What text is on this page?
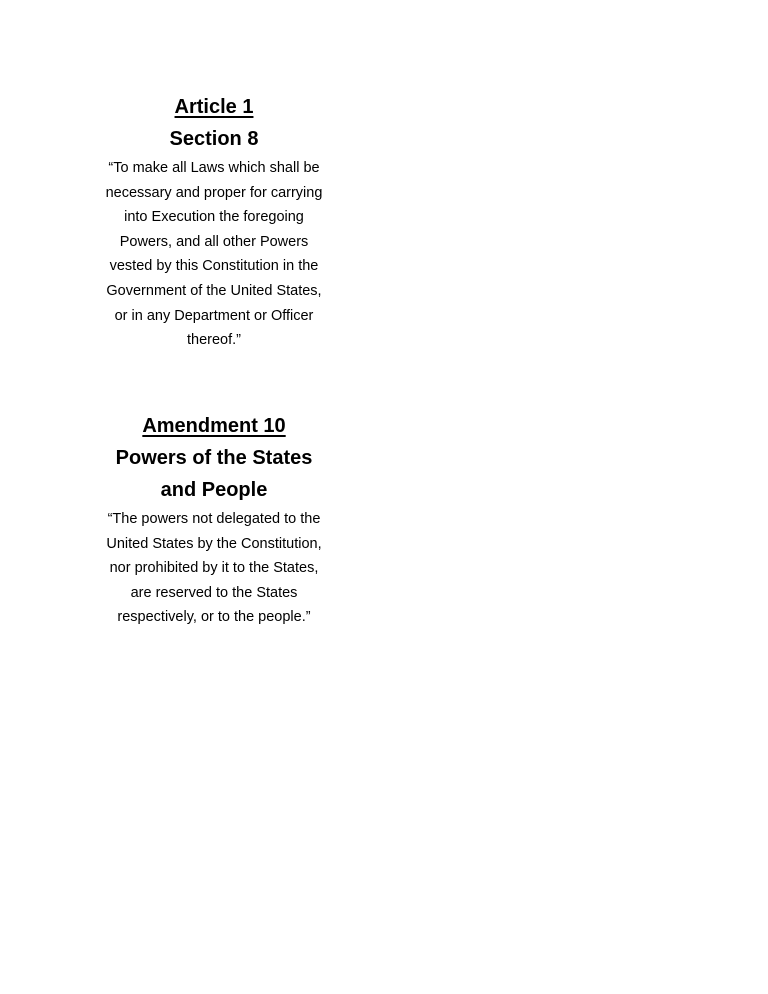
Article 1

Section 8

“To make all Laws which shall be

necessary and proper for carrying

into Execution the foregoing

Powers, and all other Powers

vested by this Constitution in the

Government of the United States,

or in any Department or Officer

thereof.”

Amendment 10

Powers of the States

and People

“The powers not delegated to the

United States by the Constitution,

nor prohibited by it to the States,

are reserved to the States

respectively, or to the people.”
